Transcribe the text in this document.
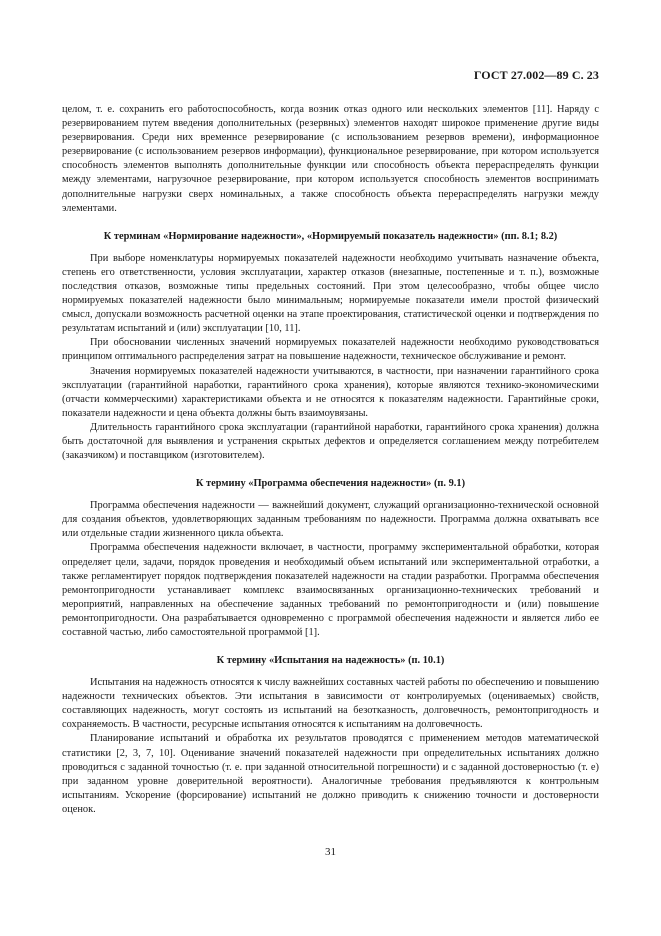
ГОСТ 27.002—89 С. 23

целом, т. е. сохранить его работоспособность, когда возник отказ одного или нескольких элементов [11]. Наряду с резервированием путем введения дополнительных (резервных) элементов находят широкое применение другие виды резервирования. Среди них временнсе резервирование (с использованием резервов времени), информационное резервирование (с использованием резервов информации), функциональное резервирование, при котором используется способность элементов выполнять дополнительные функции или способность объекта перераспределять функции между элементами, нагрузочное резервирование, при котором используется способность элементов воспринимать дополнительные нагрузки сверх номинальных, а также способность объекта перераспределять нагрузки между элементами.

К терминам «Нормирование надежности», «Нормируемый показатель надежности» (пп. 8.1; 8.2)

При выборе номенклатуры нормируемых показателей надежности необходимо учитывать назначение объекта, степень его ответственности, условия эксплуатации, характер отказов (внезапные, постепенные и т. п.), возможные последствия отказов, возможные типы предельных состояний. При этом целесообразно, чтобы общее число нормируемых показателей надежности было минимальным; нормируемые показатели имели простой физический смысл, допускали возможность расчетной оценки на этапе проектирования, статистической оценки и подтверждения по результатам испытаний и (или) эксплуатации [10, 11].

При обосновании численных значений нормируемых показателей надежности необходимо руководствоваться принципом оптимального распределения затрат на повышение надежности, техническое обслуживание и ремонт.

Значения нормируемых показателей надежности учитываются, в частности, при назначении гарантийного срока эксплуатации (гарантийной наработки, гарантийного срока хранения), которые являются технико-экономическими (отчасти коммерческими) характеристиками объекта и не относятся к показателям надежности. Гарантийные сроки, показатели надежности и цена объекта должны быть взаимоувязаны.

Длительность гарантийного срока эксплуатации (гарантийной наработки, гарантийного срока хранения) должна быть достаточной для выявления и устранения скрытых дефектов и определяется соглашением между потребителем (заказчиком) и поставщиком (изготовителем).

К термину «Программа обеспечения надежности» (п. 9.1)

Программа обеспечения надежности — важнейший документ, служащий организационно-технической основной для создания объектов, удовлетворяющих заданным требованиям по надежности. Программа должна охватывать все или отдельные стадии жизненного цикла объекта.

Программа обеспечения надежности включает, в частности, программу экспериментальной обработки, которая определяет цели, задачи, порядок проведения и необходимый объем испытаний или экспериментальной отработки, а также регламентирует порядок подтверждения показателей надежности на стадии разработки. Программа обеспечения ремонтопригодности устанавливает комплекс взаимосвязанных организационно-технических требований и мероприятий, направленных на обеспечение заданных требований по ремонтопригодности и (или) повышение ремонтопригодности. Она разрабатывается одновременно с программой обеспечения надежности и является либо ее составной частью, либо самостоятельной программой [1].

К термину «Испытания на надежность» (п. 10.1)

Испытания на надежность относятся к числу важнейших составных частей работы по обеспечению и повышению надежности технических объектов. Эти испытания в зависимости от контролируемых (оцениваемых) свойств, составляющих надежность, могут состоять из испытаний на безотказность, долговечность, ремонтопригодность и сохраняемость. В частности, ресурсные испытания относятся к испытаниям на долговечность.

Планирование испытаний и обработка их результатов проводятся с применением методов математической статистики [2, 3, 7, 10]. Оценивание значений показателей надежности при определительных испытаниях должно проводиться с заданной точностью (т. е. при заданной относительной погрешности) и с заданной достоверностью (т. е) при заданном уровне доверительной вероятности). Аналогичные требования предъявляются к контрольным испытаниям. Ускорение (форсирование) испытаний не должно приводить к снижению точности и достоверности оценок.

31
